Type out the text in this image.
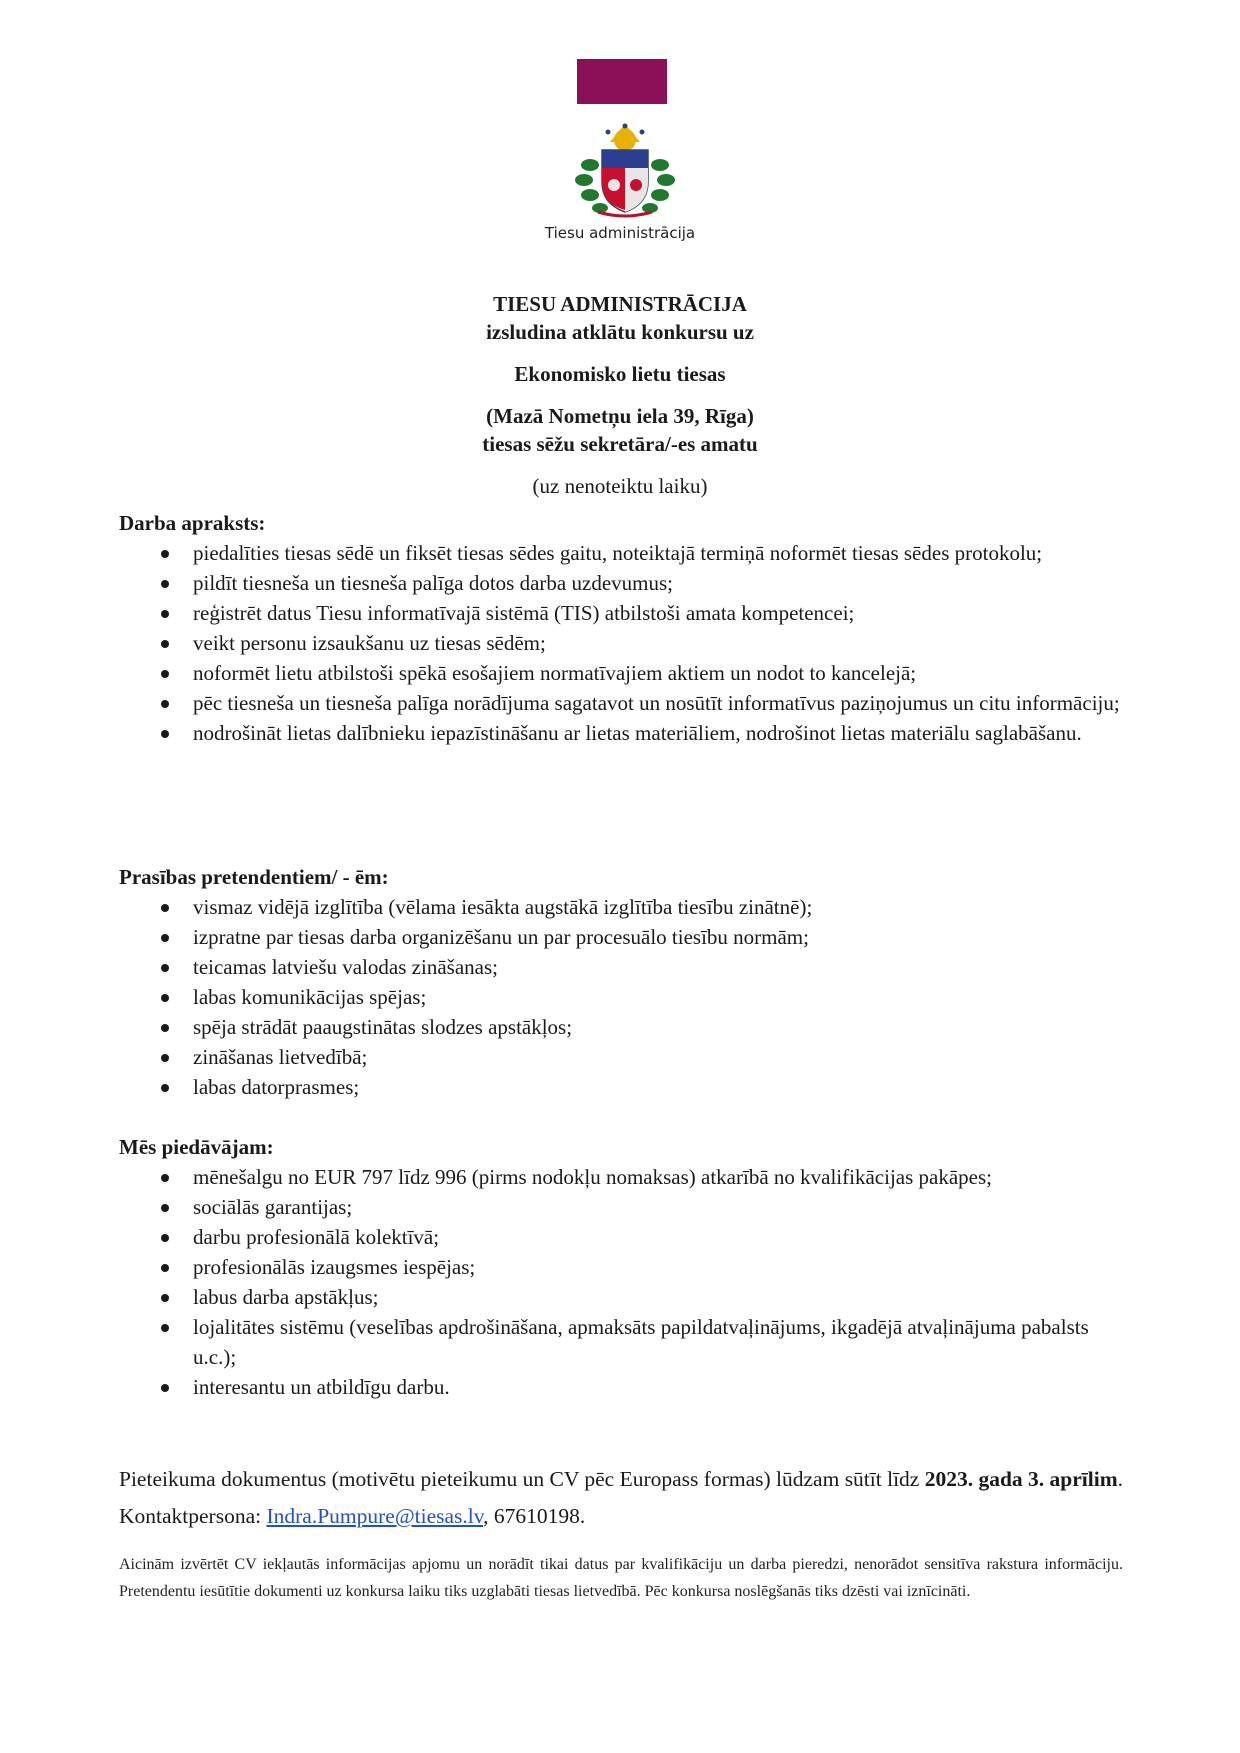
Tiesu administrācija
TIESU ADMINISTRĀCIJA
izsludina atklātu konkursu uz
Ekonomisko lietu tiesas
(Mazā Nometņu iela 39, Rīga)
tiesas sēžu sekretāra/-es amatu
(uz nenoteiktu laiku)
Darba apraksts:
piedalīties tiesas sēdē un fiksēt tiesas sēdes gaitu, noteiktajā termiņā noformēt tiesas sēdes protokolu;
pildīt tiesneša un tiesneša palīga dotos darba uzdevumus;
reģistrēt datus Tiesu informatīvajā sistēmā (TIS) atbilstoši amata kompetencei;
veikt personu izsaukšanu uz tiesas sēdēm;
noformēt lietu atbilstoši spēkā esošajiem normatīvajiem aktiem un nodot to kancelejā;
pēc tiesneša un tiesneša palīga norādījuma sagatavot un nosūtīt informatīvus paziņojumus un citu informāciju;
nodrošināt lietas dalībnieku iepazīstināšanu ar lietas materiāliem, nodrošinot lietas materiālu saglabāšanu.
Prasības pretendentiem/ - ēm:
vismaz vidējā izglītība (vēlama iesākta augstākā izglītība tiesību zinātnē);
izpratne par tiesas darba organizēšanu un par procesuālo tiesību normām;
teicamas latviešu valodas zināšanas;
labas komunikācijas spējas;
spēja strādāt paaugstinātas slodzes apstākļos;
zināšanas lietvedībā;
labas datorprasmes;
Mēs piedāvājam:
mēnešalgu no EUR 797 līdz 996 (pirms nodokļu nomaksas) atkarībā no kvalifikācijas pakāpes;
sociālās garantijas;
darbu profesionālā kolektīvā;
profesionālās izaugsmes iespējas;
labus darba apstākļus;
lojalitātes sistēmu (veselības apdrošināšana, apmaksāts papildatvaļinājums, ikgadējā atvaļinājuma pabalsts u.c.);
interesantu un atbildīgu darbu.
Pieteikuma dokumentus (motivētu pieteikumu un CV pēc Europass formas) lūdzam sūtīt līdz 2023. gada 3. aprīlim. Kontaktpersona: Indra.Pumpure@tiesas.lv, 67610198.
Aicinām izvērtēt CV iekļautās informācijas apjomu un norādīt tikai datus par kvalifikāciju un darba pieredzi, nenorādot sensitīva rakstura informāciju. Pretendentu iesūtītie dokumenti uz konkursa laiku tiks uzglabāti tiesas lietvedībā. Pēc konkursa noslēgšanās tiks dzēsti vai iznīcināti.
